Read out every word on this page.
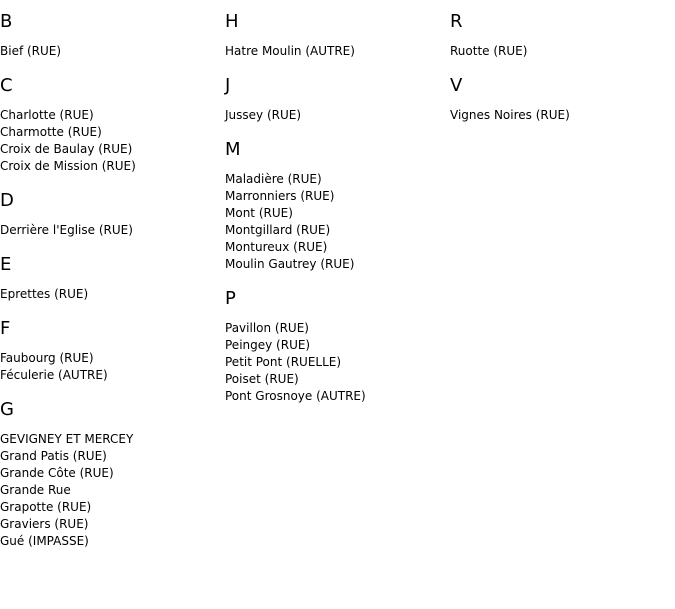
B
Bief (RUE)
C
Charlotte (RUE)
Charmotte (RUE)
Croix de Baulay (RUE)
Croix de Mission (RUE)
D
Derrière l'Eglise (RUE)
E
Eprettes (RUE)
F
Faubourg (RUE)
Féculerie (AUTRE)
G
GEVIGNEY ET MERCEY
Grand Patis (RUE)
Grande Côte (RUE)
Grande Rue
Grapotte (RUE)
Graviers (RUE)
Gué (IMPASSE)
H
Hatre Moulin (AUTRE)
J
Jussey (RUE)
M
Maladière (RUE)
Marronniers (RUE)
Mont (RUE)
Montgillard (RUE)
Montureux (RUE)
Moulin Gautrey (RUE)
P
Pavillon (RUE)
Peingey (RUE)
Petit Pont (RUELLE)
Poiset (RUE)
Pont Grosnoye (AUTRE)
R
Ruotte (RUE)
V
Vignes Noires (RUE)
